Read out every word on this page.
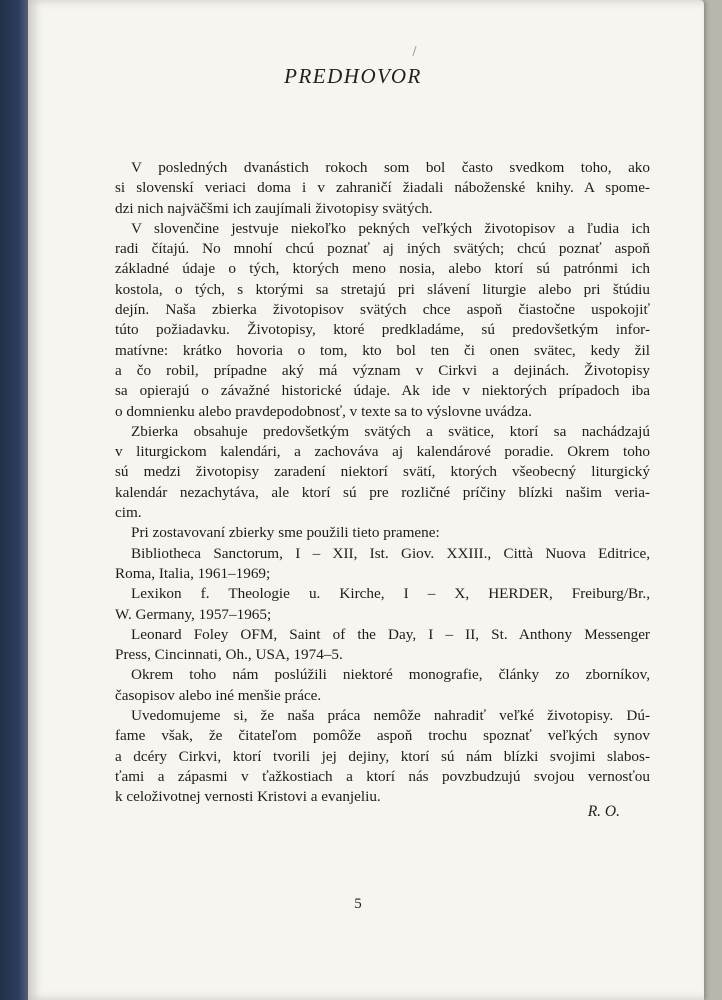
PREDHOVOR
V posledných dvanástich rokoch som bol často svedkom toho, ako
si slovenskí veriaci doma i v zahraničí žiadali náboženské knihy. A spome-
dzi nich najväčšmi ich zaujímali životopisy svätých.
V slovenčine jestvuje niekoľko pekných veľkých životopisov a ľudia ich
radi čítajú. No mnohí chcú poznať aj iných svätých; chcú poznať aspoň
základné údaje o tých, ktorých meno nosia, alebo ktorí sú patrónmi ich
kostola, o tých, s ktorými sa stretajú pri slávení liturgie alebo pri štúdiu
dejín. Naša zbierka životopisov svätých chce aspoň čiastočne uspokojiť
túto požiadavku. Životopisy, ktoré predkladáme, sú predovšetkým infor-
matívne: krátko hovoria o tom, kto bol ten či onen svätec, kedy žil
a čo robil, prípadne aký má význam v Cirkvi a dejinách. Životopisy
sa opierajú o závažné historické údaje. Ak ide v niektorých prípadoch iba
o domnienku alebo pravdepodobnosť, v texte sa to výslovne uvádza.
Zbierka obsahuje predovšetkým svätých a svätice, ktorí sa nachádzajú
v liturgickom kalendári, a zachováva aj kalendárové poradie. Okrem toho
sú medzi životopisy zaradení niektorí svätí, ktorých všeobecný liturgický
kalendár nezachytáva, ale ktorí sú pre rozličné príčiny blízki našim veria-
cim.
Pri zostavovaní zbierky sme použili tieto pramene:
Bibliotheca Sanctorum, I – XII, Ist. Giov. XXIII., Città Nuova Editrice,
Roma, Italia, 1961–1969;
Lexikon f. Theologie u. Kirche, I – X, HERDER, Freiburg/Br.,
W. Germany, 1957–1965;
Leonard Foley OFM, Saint of the Day, I – II, St. Anthony Messenger
Press, Cincinnati, Oh., USA, 1974–5.
Okrem toho nám poslúžili niektoré monografie, články zo zborníkov,
časopisov alebo iné menšie práce.
Uvedomujeme si, že naša práca nemôže nahradiť veľké životopisy. Dú-
fame však, že čitateľom pomôže aspoň trochu spoznať veľkých synov
a dcéry Cirkvi, ktorí tvorili jej dejiny, ktorí sú nám blízki svojimi slabos-
ťami a zápasmi v ťažkostiach a ktorí nás povzbudzujú svojou vernosťou
k celoživotnej vernosti Kristovi a evanjeliu.
R. O.
5
